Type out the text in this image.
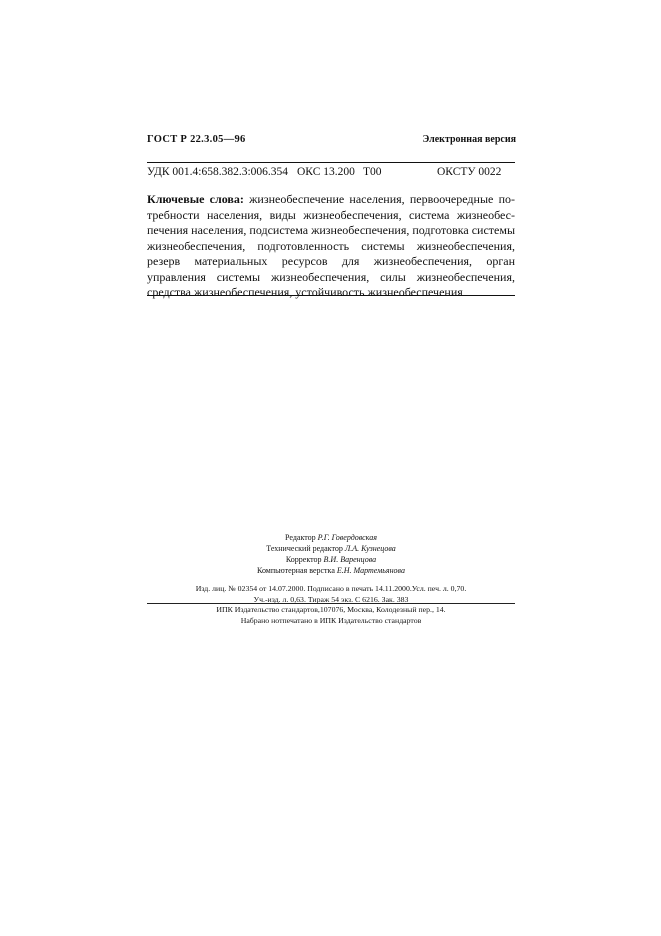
ГОСТ Р 22.3.05—96	Электронная версия
УДК 001.4:658.382.3:006.354 ОКС 13.200 Т00	ОКСТУ 0022
Ключевые слова: жизнеобеспечение населения, первоочередные потребности населения, виды жизнеобеспечения, система жизнеобеспечения населения, подсистема жизнеобеспечения, подготовка системы жизнеобеспечения, подготовленность системы жизнеобеспечения, резерв материальных ресурсов для жизнеобеспечения, орган управления системы жизнеобеспечения, силы жизнеобеспечения, средства жизнеобеспечения, устойчивость жизнеобеспечения
Редактор Р.Г. Говердовская
Технический редактор Л.А. Кузнецова
Корректор В.И. Варенцова
Компьютерная верстка Е.Н. Мартемьянова
Изд. лиц. № 02354 от 14.07.2000. Подписано в печать 14.11.2000.Усл. печ. л. 0,70.
Уч.-изд. л. 0,63. Тираж 54 экз. С 6216. Зак. 383
ИПК Издательство стандартов,107076, Москва, Колодезный пер., 14.
Набрано нотпечатано в ИПК Издательство стандартов
